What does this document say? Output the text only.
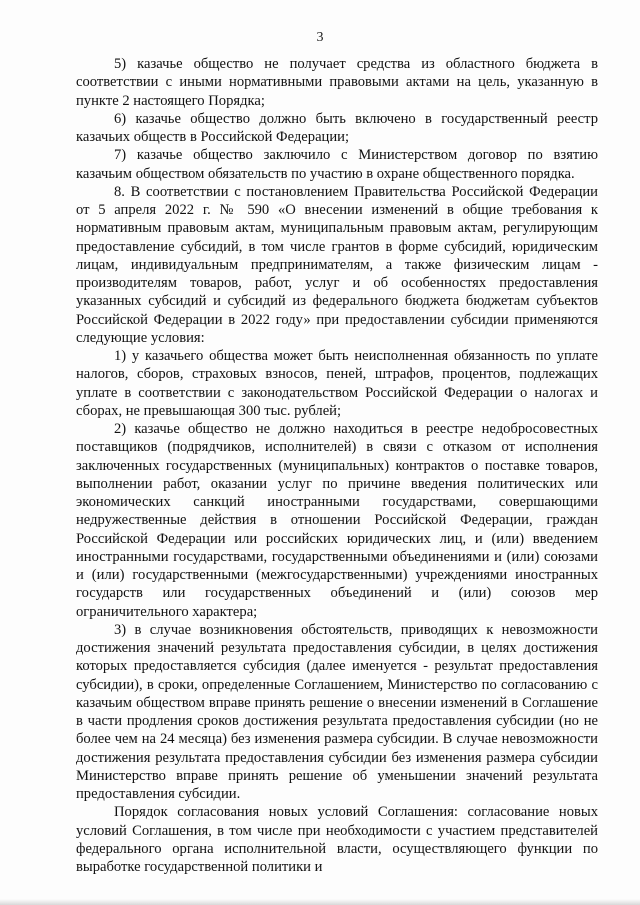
3

5) казачье общество не получает средства из областного бюджета в соответствии с иными нормативными правовыми актами на цель, указанную в пункте 2 настоящего Порядка;

6) казачье общество должно быть включено в государственный реестр казачьих обществ в Российской Федерации;

7) казачье общество заключило с Министерством договор по взятию казачьим обществом обязательств по участию в охране общественного порядка.

8. В соответствии с постановлением Правительства Российской Федерации от 5 апреля 2022 г. № 590 «О внесении изменений в общие требования к нормативным правовым актам, муниципальным правовым актам, регулирующим предоставление субсидий, в том числе грантов в форме субсидий, юридическим лицам, индивидуальным предпринимателям, а также физическим лицам - производителям товаров, работ, услуг и об особенностях предоставления указанных субсидий и субсидий из федерального бюджета бюджетам субъектов Российской Федерации в 2022 году» при предоставлении субсидии применяются следующие условия:

1) у казачьего общества может быть неисполненная обязанность по уплате налогов, сборов, страховых взносов, пеней, штрафов, процентов, подлежащих уплате в соответствии с законодательством Российской Федерации о налогах и сборах, не превышающая 300 тыс. рублей;

2) казачье общество не должно находиться в реестре недобросовестных поставщиков (подрядчиков, исполнителей) в связи с отказом от исполнения заключенных государственных (муниципальных) контрактов о поставке товаров, выполнении работ, оказании услуг по причине введения политических или экономических санкций иностранными государствами, совершающими недружественные действия в отношении Российской Федерации, граждан Российской Федерации или российских юридических лиц, и (или) введением иностранными государствами, государственными объединениями и (или) союзами и (или) государственными (межгосударственными) учреждениями иностранных государств или государственных объединений и (или) союзов мер ограничительного характера;

3) в случае возникновения обстоятельств, приводящих к невозможности достижения значений результата предоставления субсидии, в целях достижения которых предоставляется субсидия (далее именуется - результат предоставления субсидии), в сроки, определенные Соглашением, Министерство по согласованию с казачьим обществом вправе принять решение о внесении изменений в Соглашение в части продления сроков достижения результата предоставления субсидии (но не более чем на 24 месяца) без изменения размера субсидии. В случае невозможности достижения результата предоставления субсидии без изменения размера субсидии Министерство вправе принять решение об уменьшении значений результата предоставления субсидии.

Порядок согласования новых условий Соглашения: согласование новых условий Соглашения, в том числе при необходимости с участием представителей федерального органа исполнительной власти, осуществляющего функции по выработке государственной политики и
